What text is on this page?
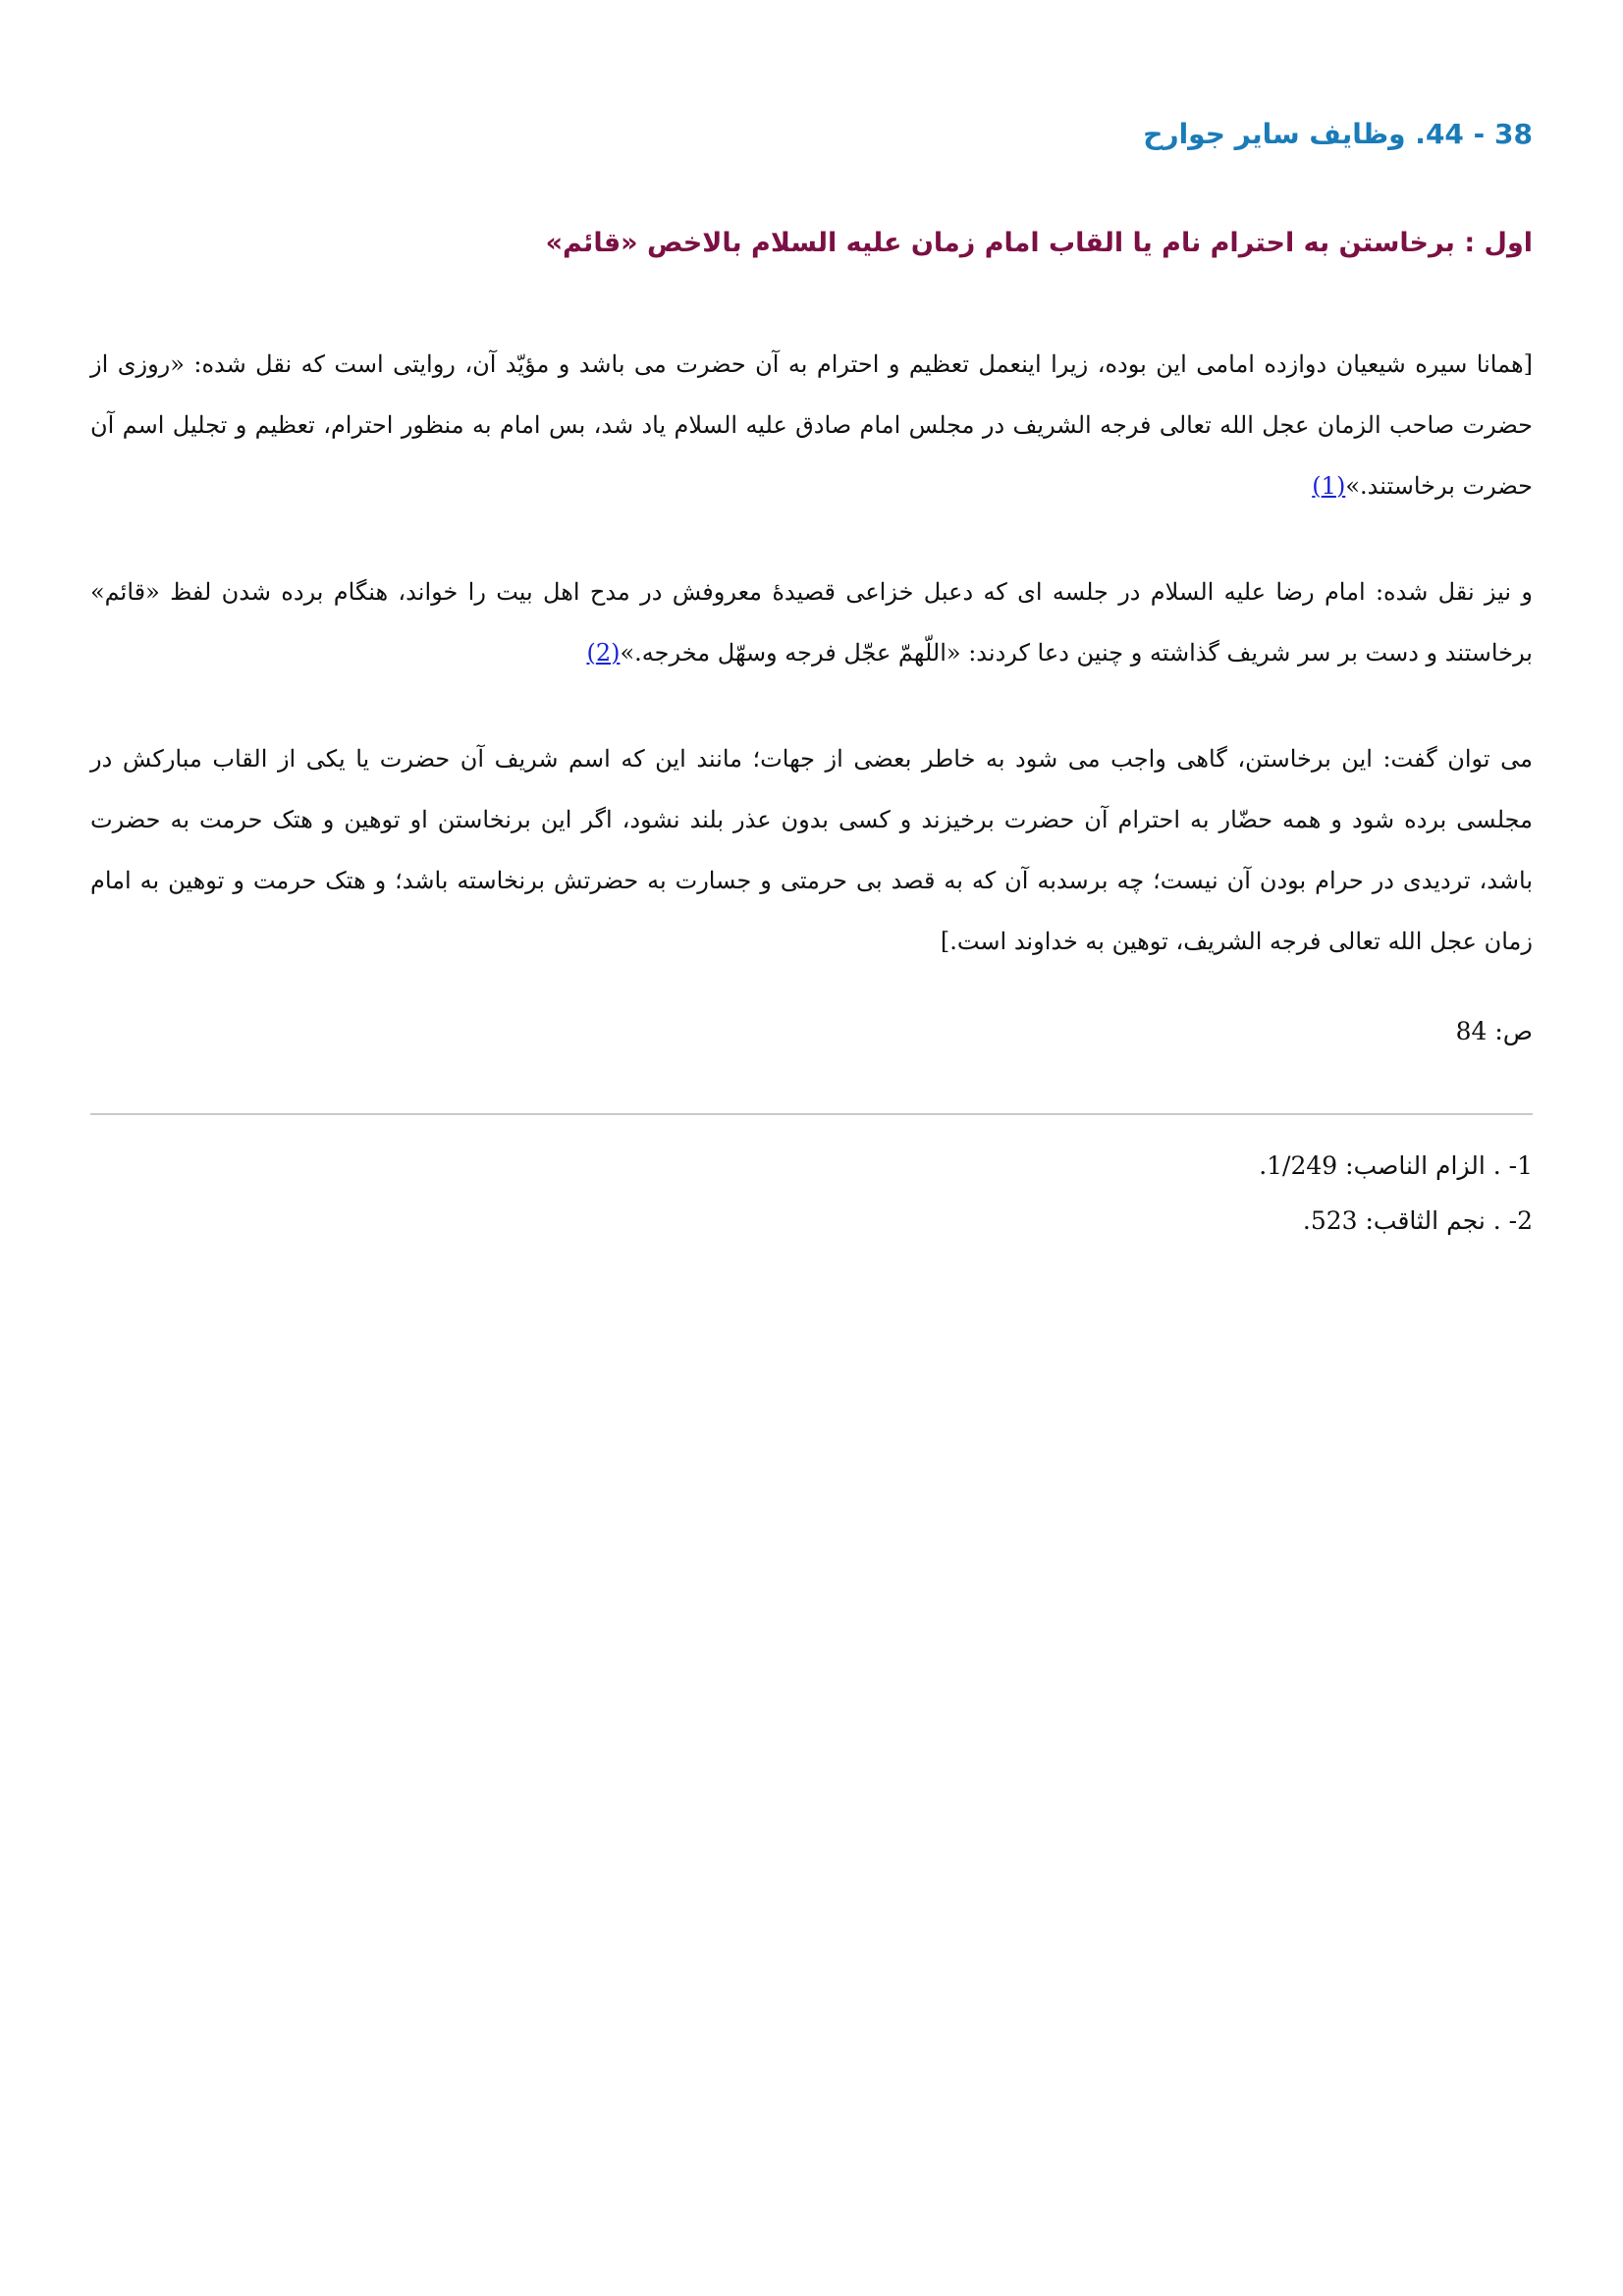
38 - 44. وظایف سایر جوارح
اول : برخاستن به احترام نام یا القاب امام زمان علیه السلام بالاخص «قائم»

[همانا سیره شیعیان دوازده امامی این بوده، زیرا اینعمل تعظیم و احترام به آن حضرت می باشد و مؤیّد آن، روایتی است که نقل شده: «روزی از حضرت صاحب الزمان عجل الله تعالی فرجه الشریف در مجلس امام صادق علیه السلام یاد شد، بس امام به منظور احترام، تعظیم و تجلیل اسم آن حضرت برخاستند.»(1)

و نیز نقل شده: امام رضا علیه السلام در جلسه ای که دعبل خزاعی قصیدهٔ معروفش در مدح اهل بیت را خواند، هنگام برده شدن لفظ «قائم» برخاستند و دست بر سر شریف گذاشته و چنین دعا کردند: «اللّهمّ عجّل فرجه وسهّل مخرجه.»(2)

می توان گفت: این برخاستن، گاهی واجب می شود به خاطر بعضی از جهات؛ مانند این که اسم شریف آن حضرت یا یکی از القاب مبارکش در مجلسی برده شود و همه حضّار به احترام آن حضرت برخیزند و کسی بدون عذر بلند نشود، اگر این برنخاستن او توهین و هتک حرمت به حضرت باشد، تردیدی در حرام بودن آن نیست؛ چه برسدبه آن که به قصد بی حرمتی و جسارت به حضرتش برنخاسته باشد؛ و هتک حرمت و توهین به امام زمان عجل الله تعالی فرجه الشریف، توهین به خداوند است.]

ص: 84

1- . الزام الناصب: 1/249.
2- . نجم الثاقب: 523.
